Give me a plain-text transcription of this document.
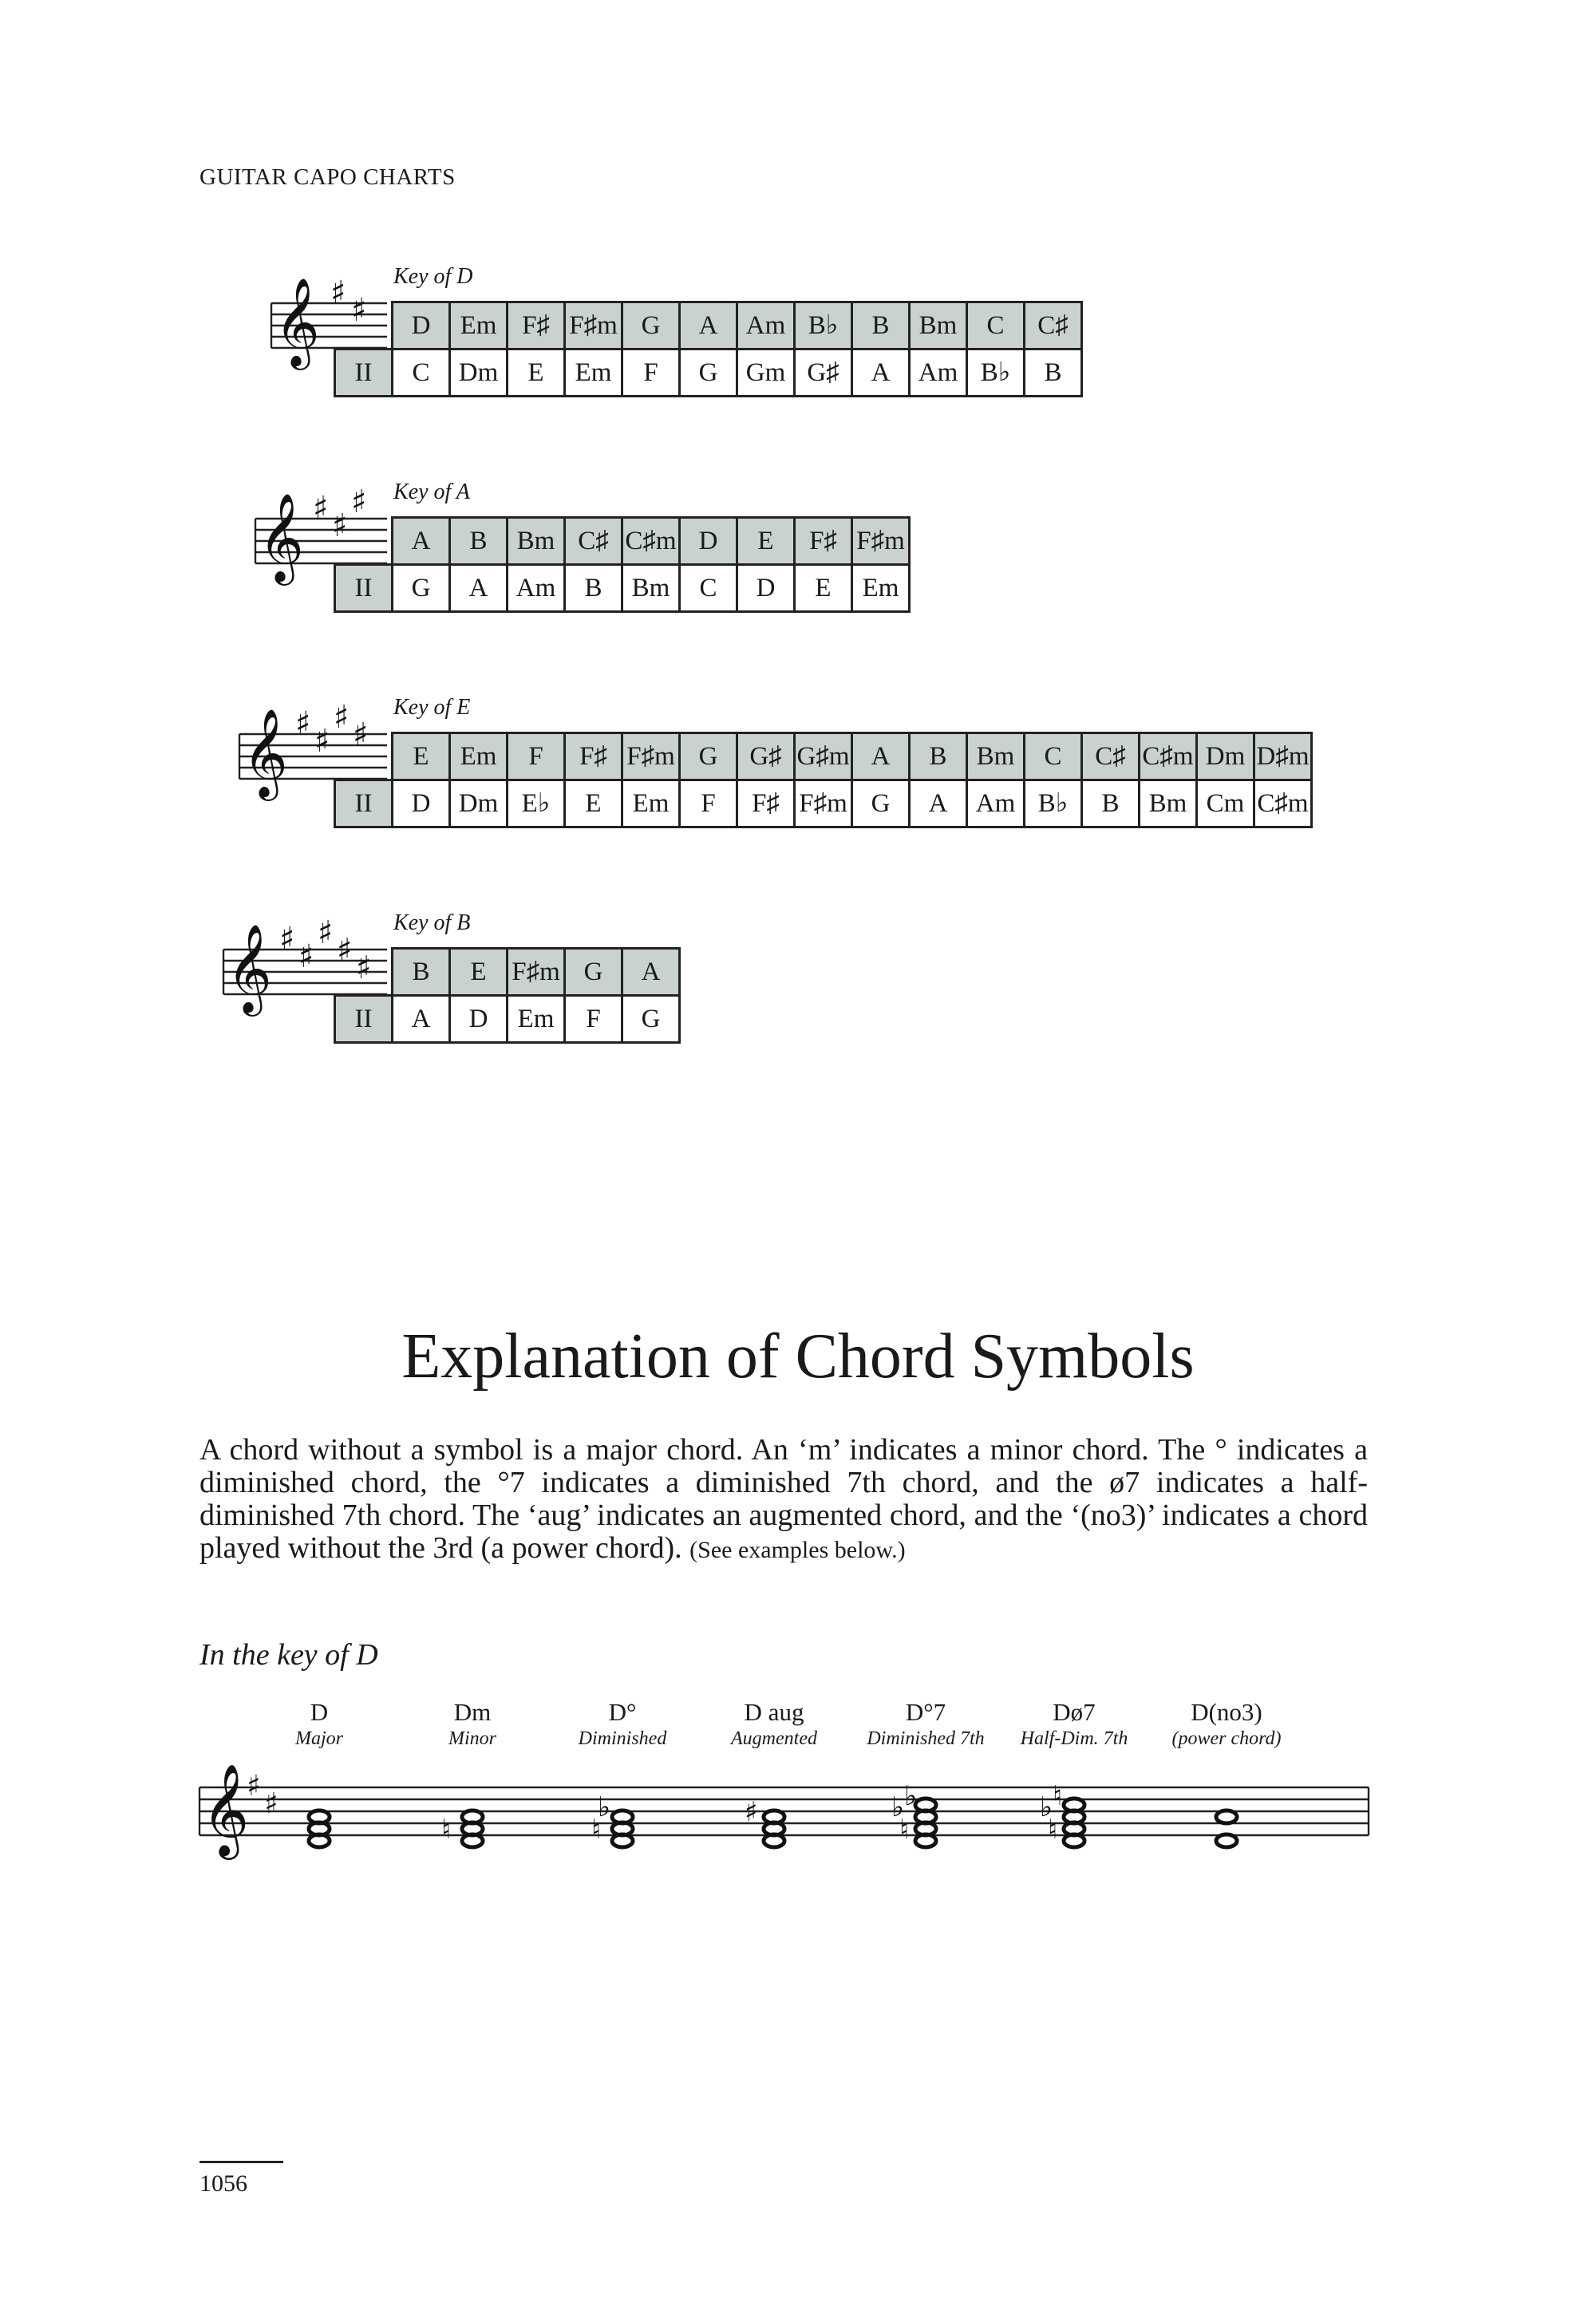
GUITAR CAPO CHARTS
𝄞 ♯ ♯
Key of D
	D	Em	F♯	F♯m	G	A	Am	B♭	B	Bm	C	C♯
II	C	Dm	E	Em	F	G	Gm	G♯	A	Am	B♭	B
𝄞 ♯ ♯
♯ Key of A
	A	B	Bm	C♯	C♯m	D	E	F♯	F♯m
II	G	A	Am	B	Bm	C	D	E	Em
𝄞 ♯ ♯
♯ ♯
Key of E
	E	Em	F	F♯	F♯m	G	G♯	G♯m	A	B	Bm	C	C♯	C♯m	Dm	D♯m
II	D	Dm	E♭	E	Em	F	F♯	F♯m	G	A	Am	B♭	B	Bm	Cm	C♯m
𝄞 ♯ ♯
♯ ♯ ♯
Key of B
	B	E	F♯m	G	A
II	A	D	Em	F	G
Explanation of Chord Symbols
A chord without a symbol is a major chord. An ‘m’ indicates a minor chord. The ° indicates a diminished chord, the °7 indicates a diminished 7th chord, and the ø7 indicates a half-diminished 7th chord. The ‘aug’ indicates an augmented chord, and the ‘(no3)’ indicates a chord played without the 3rd (a power chord). (See examples below.)
In the key of D
D
Major
Dm
Minor
D°
Diminished
D aug
Augmented
D°7
Diminished 7th
Dø7
Half-Dim. 7th
D(no3)
(power chord)
𝄞
♯
♯
♮	♮
♭	♯	♭ ♭
♮
♭ ♮
♮
1056
